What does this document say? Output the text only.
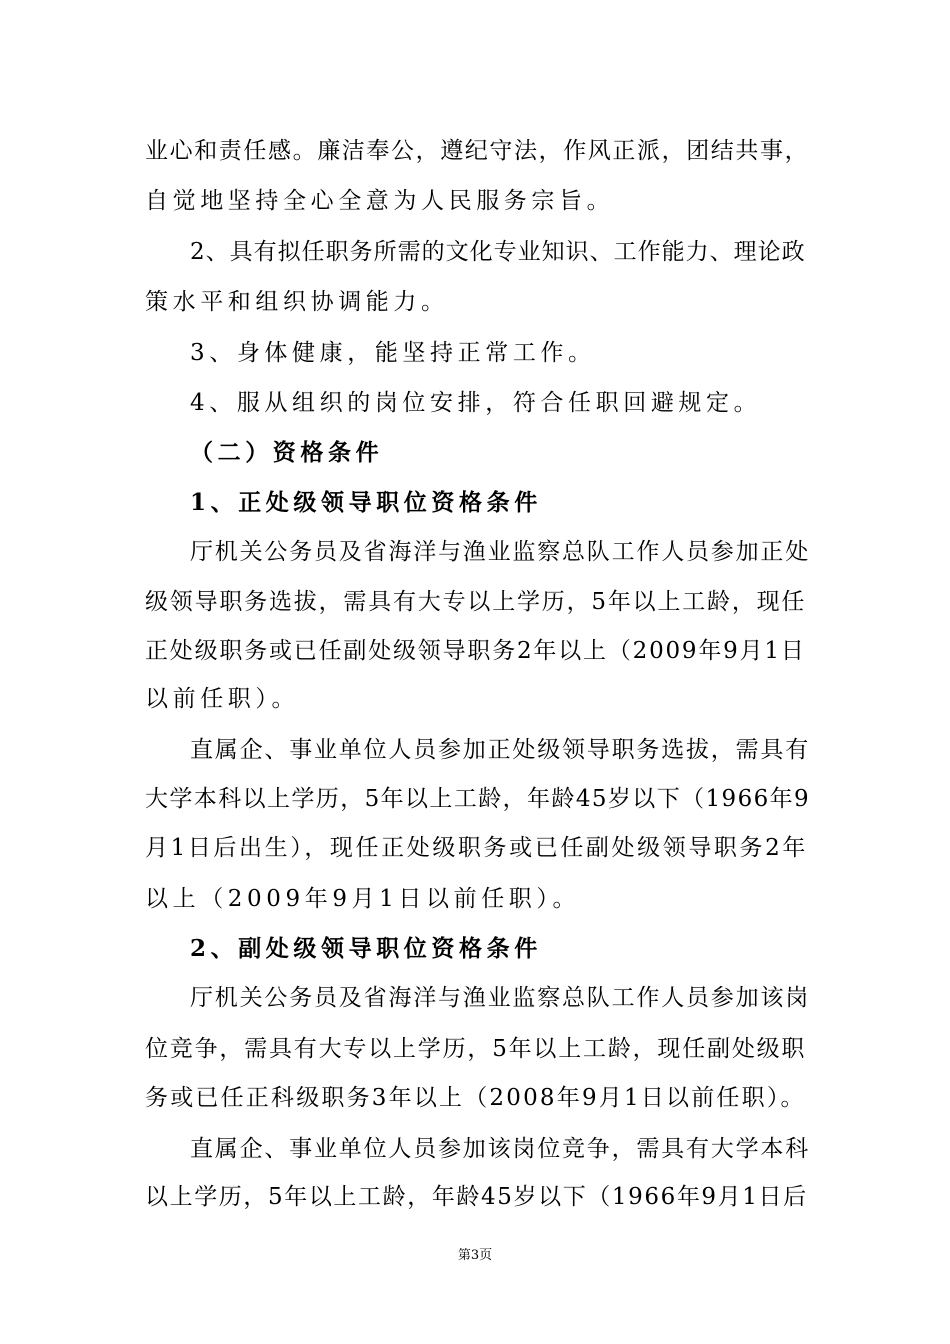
业心和责任感。廉洁奉公，遵纪守法，作风正派，团结共事，
自觉地坚持全心全意为人民服务宗旨。
2、具有拟任职务所需的文化专业知识、工作能力、理论政
策水平和组织协调能力。
3、身体健康，能坚持正常工作。
4、服从组织的岗位安排，符合任职回避规定。
（二）资格条件
1、正处级领导职位资格条件
厅机关公务员及省海洋与渔业监察总队工作人员参加正处
级领导职务选拔，需具有大专以上学历，5年以上工龄，现任
正处级职务或已任副处级领导职务2年以上（2009年9月1日
以前任职）。
直属企、事业单位人员参加正处级领导职务选拔，需具有
大学本科以上学历，5年以上工龄，年龄45岁以下（1966年9
月1日后出生），现任正处级职务或已任副处级领导职务2年
以上（2009年9月1日以前任职）。
2、副处级领导职位资格条件
厅机关公务员及省海洋与渔业监察总队工作人员参加该岗
位竞争，需具有大专以上学历，5年以上工龄，现任副处级职
务或已任正科级职务3年以上（2008年9月1日以前任职）。
直属企、事业单位人员参加该岗位竞争，需具有大学本科
以上学历，5年以上工龄，年龄45岁以下（1966年9月1日后
第3页
